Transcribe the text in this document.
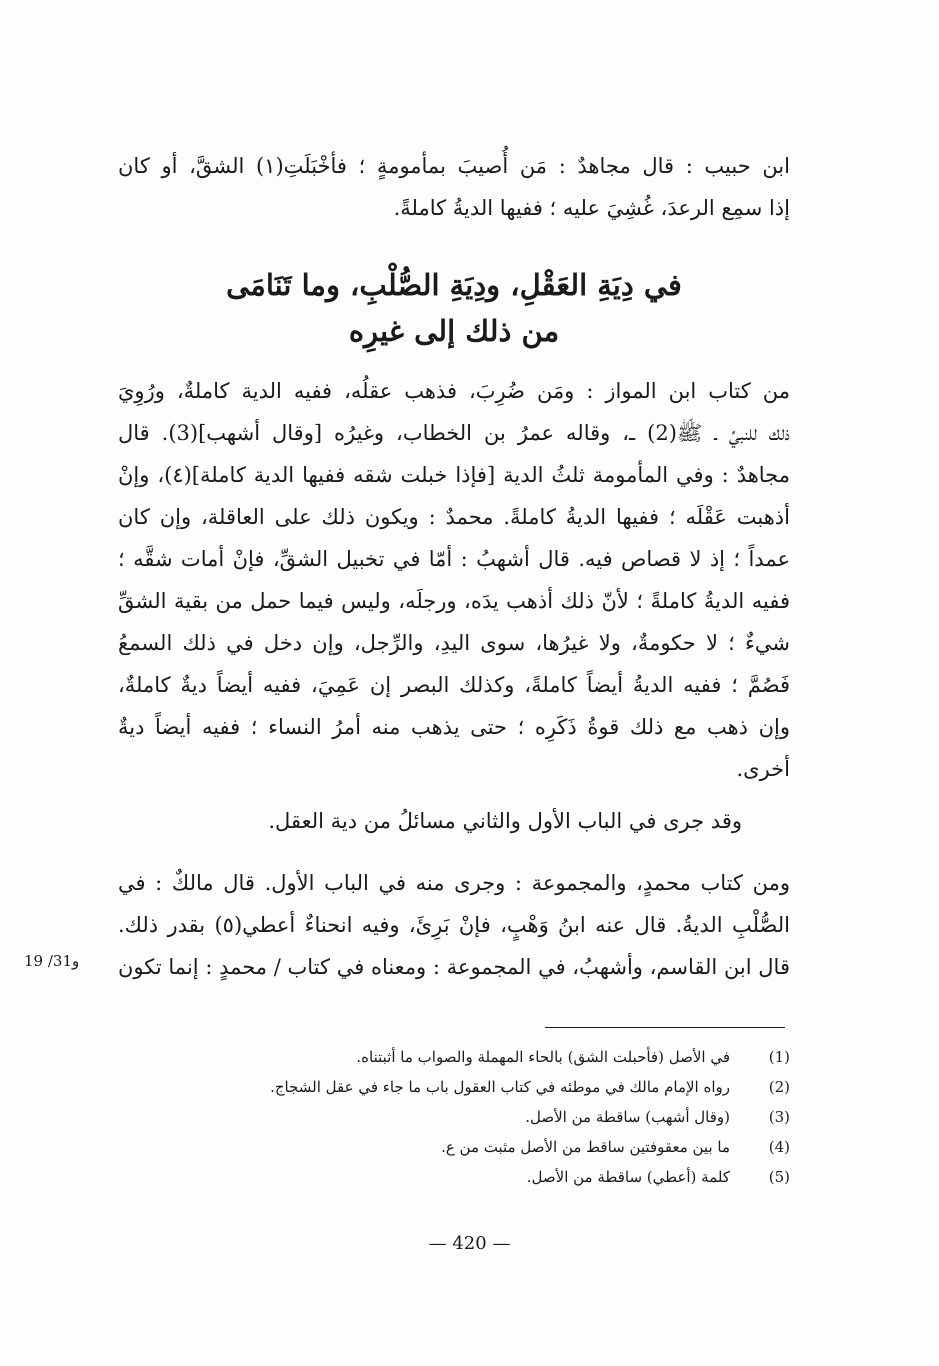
ابن حبيب : قال مجاهدٌ : مَن أُصيبَ بمأمومةٍ ؛ فأخْبَلَتِ(١) الشقَّ، أو كان
إذا سمِع الرعدَ، غُشِيَ عليه ؛ ففيها الديةُ كاملةً.
في دِيَةِ العَقْلِ، ودِيَةِ الصُّلْبِ، وما تَنَامَى
من ذلك إلى غيرِه
من كتاب ابن المواز : ومَن ضُرِبَ، فذهب عقلُه، ففيه الدية كاملةٌ، ورُوِيَ
ذلك للنبيِّ ـ ﷺ(2) ـ، وقاله عمرُ بن الخطاب، وغيرُه [وقال أشهب](3). قال
مجاهدٌ : وفي المأمومة ثلثُ الدية [فإذا خبلت شقه ففيها الدية كاملة](٤)، وإنْ
أذهبت عَقْلَه ؛ ففيها الديةُ كاملةً. محمدٌ : ويكون ذلك على العاقلة، وإن كان
عمداً ؛ إذ لا قصاص فيه. قال أشهبُ : أمّا في تخبيل الشقِّ، فإنْ أمات شقَّه ؛
ففيه الديةُ كاملةً ؛ لأنّ ذلك أذهب يدَه، ورجلَه، وليس فيما حمل من بقية الشقِّ
شيءٌ ؛ لا حكومةٌ، ولا غيرُها، سوى اليدِ، والرِّجل، وإن دخل في ذلك السمعُ
فَصُمَّ ؛ ففيه الديةُ أيضاً كاملةً، وكذلك البصر إن عَمِيَ، ففيه أيضاً ديةٌ كاملةٌ،
وإن ذهب مع ذلك قوةُ ذَكَرِه ؛ حتى يذهب منه أمرُ النساء ؛ ففيه أيضاً ديةٌ
أخرى.
وقد جرى في الباب الأول والثاني مسائلُ من دية العقل.
ومن كتاب محمدٍ، والمجموعة : وجرى منه في الباب الأول. قال مالكٌ : في
الصُّلْبِ الديةُ. قال عنه ابنُ وَهْبٍ، فإنْ بَرِئَ، وفيه انحناءٌ أعطي(٥) بقدر ذلك.
قال ابن القاسم، وأشهبُ، في المجموعة : ومعناه في كتاب / محمدٍ : إنما تكون
19 /31و
(1)
في الأصل (فأحبلت الشق) بالحاء المهملة والصواب ما أثبتناه.
(2)
رواه الإمام مالك في موطئه في كتاب العقول باب ما جاء في عقل الشجاج.
(3)
(وقال أشهب) ساقطة من الأصل.
(4)
ما بين معقوفتين ساقط من الأصل مثبت من ع.
(5)
كلمة (أعطي) ساقطة من الأصل.
— 420 —
